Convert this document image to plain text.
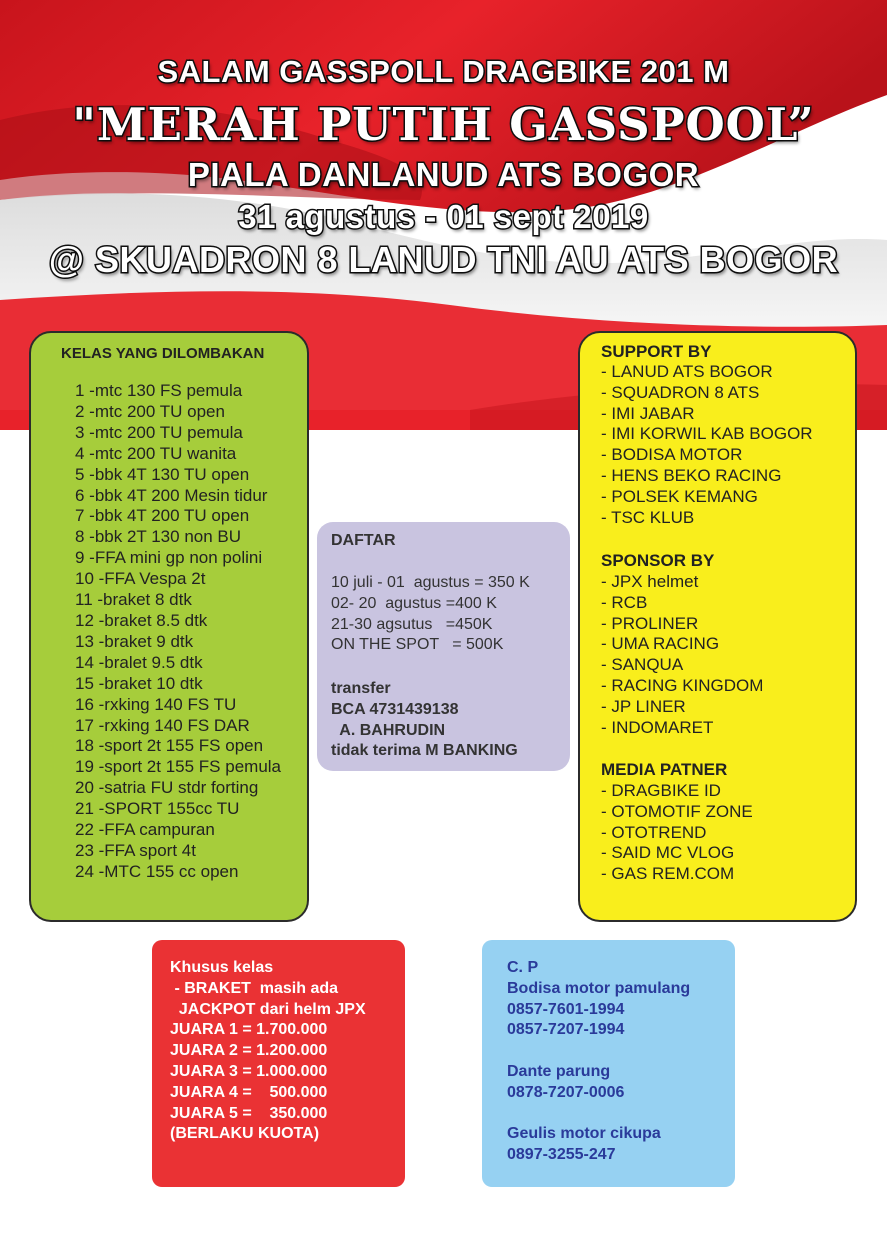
SALAM GASSPOLL DRAGBIKE 201 M
"MERAH PUTIH GASSPOOL”
PIALA DANLANUD ATS BOGOR
31 agustus - 01 sept 2019
@ SKUADRON 8 LANUD TNI AU ATS BOGOR
KELAS YANG DILOMBAKAN
1 -mtc 130 FS pemula
2 -mtc 200 TU open
3 -mtc 200 TU pemula
4 -mtc 200 TU wanita
5 -bbk 4T 130 TU open
6 -bbk 4T 200 Mesin tidur
7 -bbk 4T 200 TU open
8 -bbk 2T 130 non BU
9 -FFA mini gp non polini
10 -FFA Vespa 2t
11 -braket 8 dtk
12 -braket 8.5 dtk
13 -braket 9 dtk
14 -bralet 9.5 dtk
15 -braket 10 dtk
16 -rxking 140 FS TU
17 -rxking 140 FS DAR
18 -sport 2t 155 FS open
19 -sport 2t 155 FS pemula
20 -satria FU stdr forting
21 -SPORT 155cc TU
22 -FFA campuran
23 -FFA sport 4t
24 -MTC 155 cc open
DAFTAR
10 juli - 01  agustus = 350 K
02- 20  agustus =400 K
21-30 agsutus   =450K
ON THE SPOT   = 500K
transfer
BCA 4731439138
A. BAHRUDIN
tidak terima M BANKING
SUPPORT BY
- LANUD ATS BOGOR
- SQUADRON 8 ATS
- IMI JABAR
- IMI KORWIL KAB BOGOR
- BODISA MOTOR
- HENS BEKO RACING
- POLSEK KEMANG
- TSC KLUB
SPONSOR BY
- JPX helmet
- RCB
- PROLINER
- UMA RACING
- SANQUA
- RACING KINGDOM
- JP LINER
- INDOMARET
MEDIA PATNER
- DRAGBIKE ID
- OTOMOTIF ZONE
- OTOTREND
- SAID MC VLOG
- GAS REM.COM
Khusus kelas
- BRAKET  masih ada
JACKPOT dari helm JPX
JUARA 1 = 1.700.000
JUARA 2 = 1.200.000
JUARA 3 = 1.000.000
JUARA 4 =    500.000
JUARA 5 =    350.000
(BERLAKU KUOTA)
C. P
Bodisa motor pamulang
0857-7601-1994
0857-7207-1994
Dante parung
0878-7207-0006
Geulis motor cikupa
0897-3255-247
